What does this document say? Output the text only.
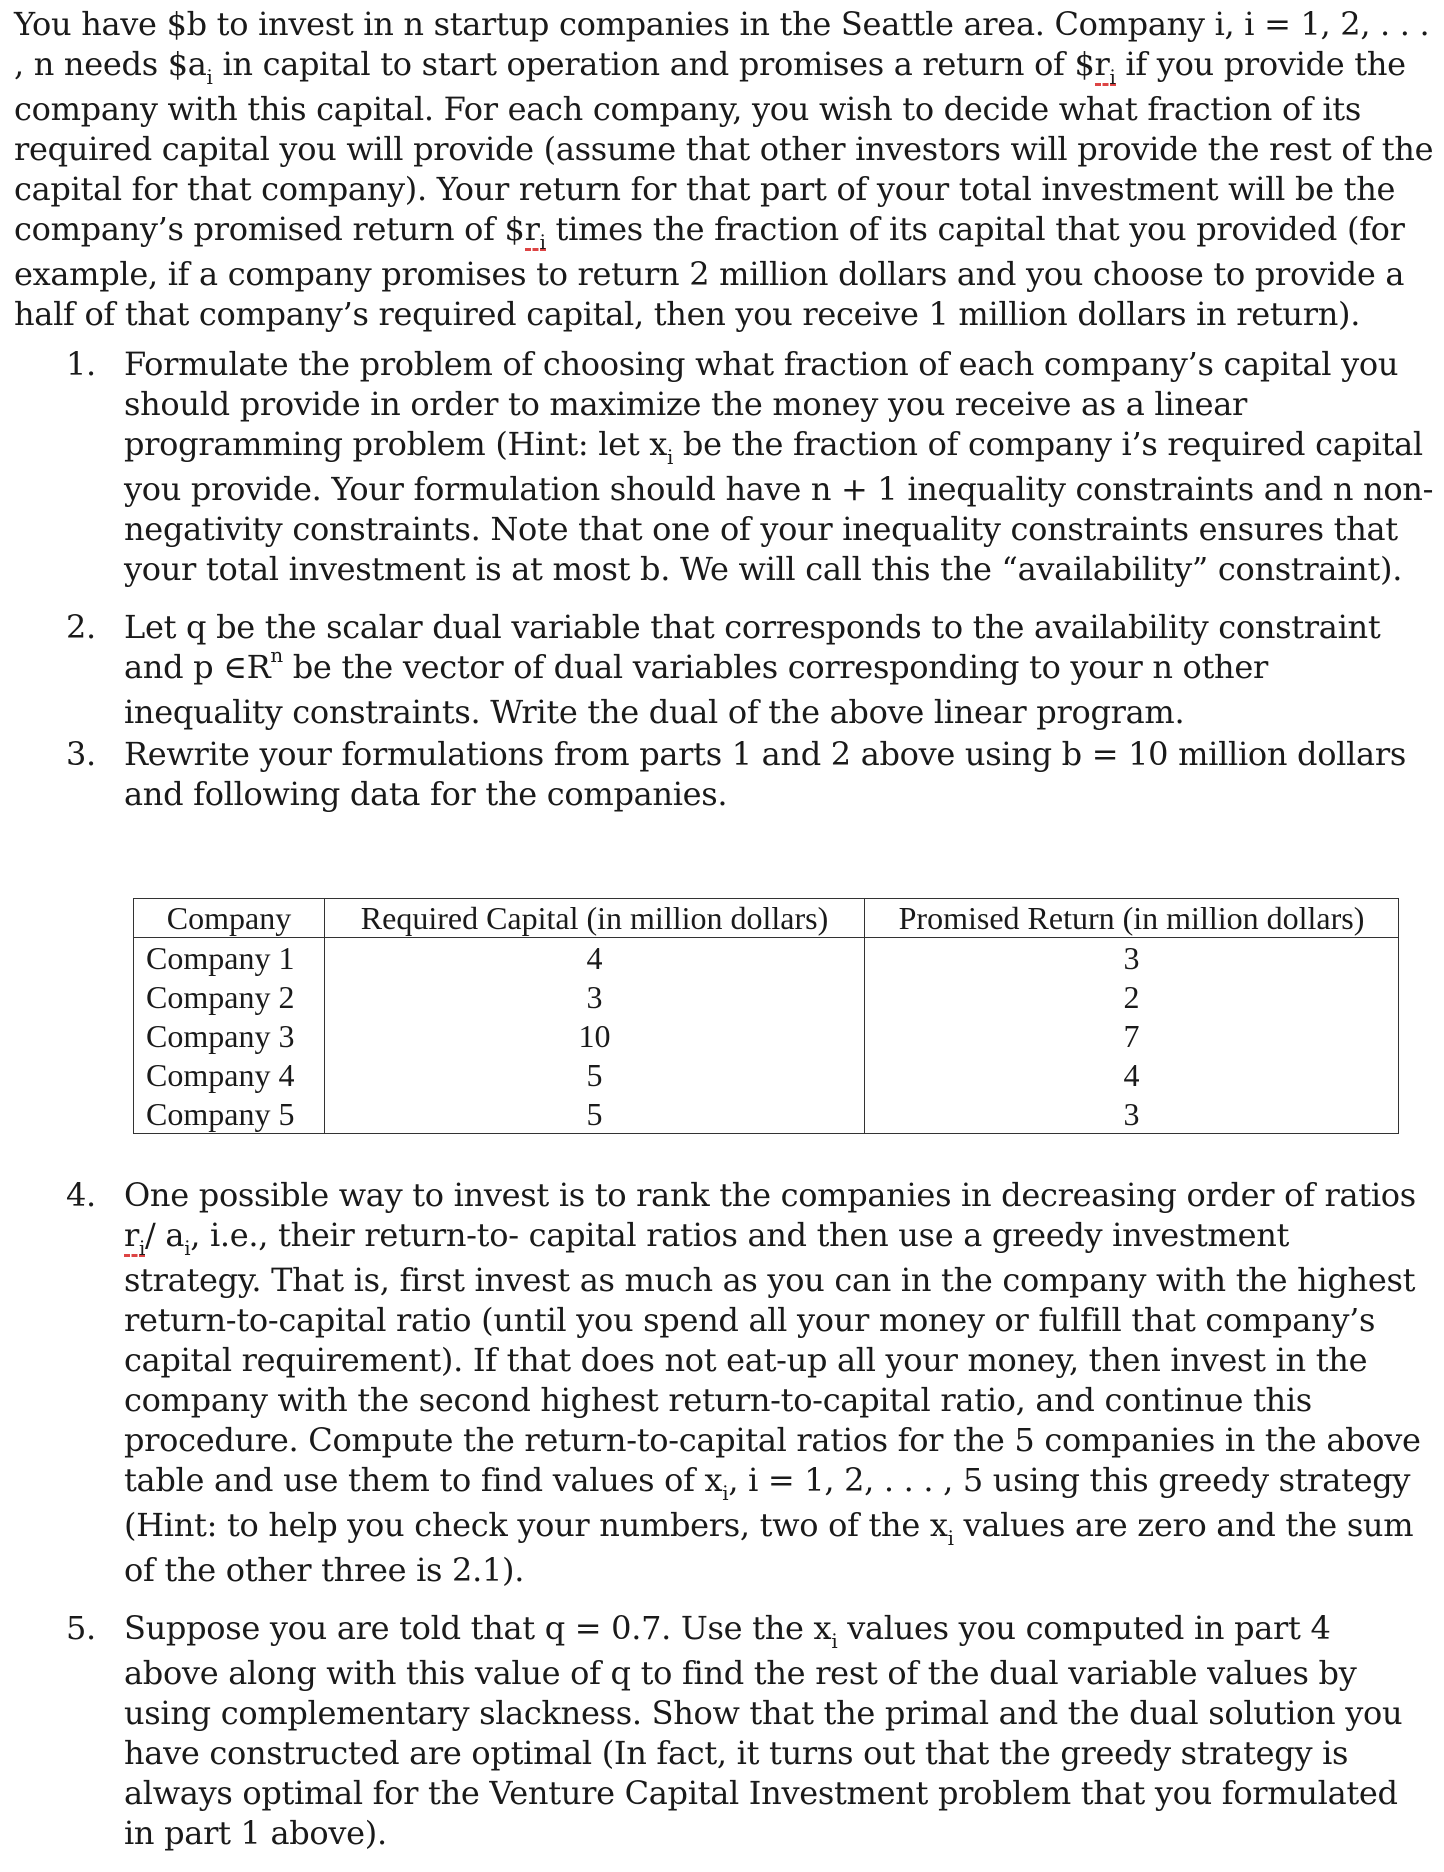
You have $b to invest in n startup companies in the Seattle area. Company i, i = 1, 2, . . . , n needs $\$a_i$ in capital to start operation and promises a return of $\$r_i$ if you provide the company with this capital. For each company, you wish to decide what fraction of its required capital you will provide (assume that other investors will provide the rest of the capital for that company). Your return for that part of your total investment will be the company’s promised return of $\$r_i$ times the fraction of its capital that you provided (for example, if a company promises to return 2 million dollars and you choose to provide a half of that company’s required capital, then you receive 1 million dollars in return).

1. Formulate the problem of choosing what fraction of each company’s capital you should provide in order to maximize the money you receive as a linear programming problem (Hint: let $x_i$ be the fraction of company i’s required capital you provide. Your formulation should have n + 1 inequality constraints and n non-negativity constraints. Note that one of your inequality constraints ensures that your total investment is at most b. We will call this the “availability” constraint).

2. Let q be the scalar dual variable that corresponds to the availability constraint and p $\in R^n$ be the vector of dual variables corresponding to your n other inequality constraints. Write the dual of the above linear program.

3. Rewrite your formulations from parts 1 and 2 above using b = 10 million dollars and following data for the companies.

4. One possible way to invest is to rank the companies in decreasing order of ratios $r_i/$ $a_i$, i.e., their return-to- capital ratios and then use a greedy investment strategy. That is, first invest as much as you can in the company with the highest return-to-capital ratio (until you spend all your money or fulfill that company’s capital requirement). If that does not eat-up all your money, then invest in the company with the second highest return-to-capital ratio, and continue this procedure. Compute the return-to-capital ratios for the 5 companies in the above table and use them to find values of $x_i$, i = 1, 2, . . . , 5 using this greedy strategy (Hint: to help you check your numbers, two of the $x_i$ values are zero and the sum of the other three is 2.1).

5. Suppose you are told that q = 0.7. Use the $x_i$ values you computed in part 4 above along with this value of q to find the rest of the dual variable values by using complementary slackness. Show that the primal and the dual solution you have constructed are optimal (In fact, it turns out that the greedy strategy is always optimal for the Venture Capital Investment problem that you formulated in part 1 above).

Company	Required Capital (in million dollars)	Promised Return (in million dollars)
Company 1	4	3
Company 2	3	2
Company 3	10	7
Company 4	5	4
Company 5	5	3
